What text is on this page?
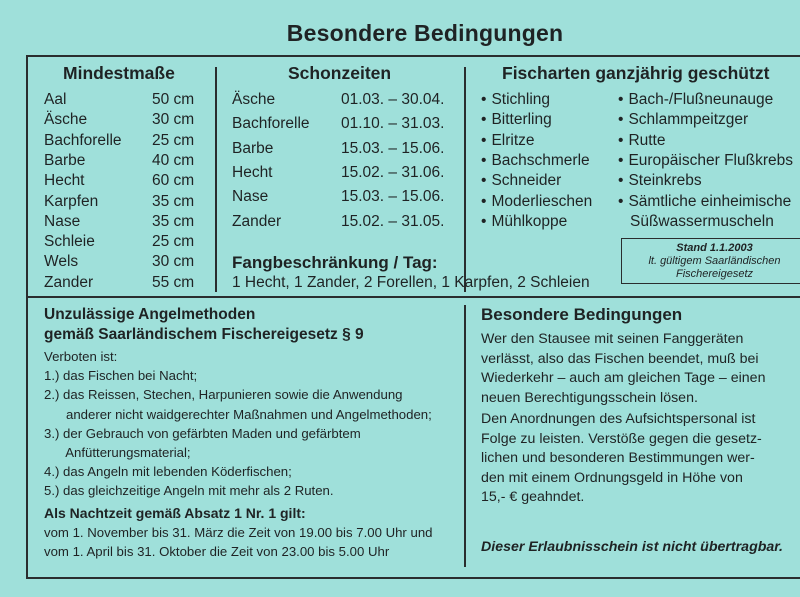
Besondere Bedingungen
Mindestmaße
Aal	50 cm
Äsche	30 cm
Bachforelle 25 cm
Barbe	40 cm
Hecht	60 cm
Karpfen	35 cm
Nase	35 cm
Schleie	25 cm
Wels	30 cm
Zander	55 cm
Schonzeiten
Äsche	01.03. – 30.04.
Bachforelle 01.10. – 31.03.
Barbe	15.03. – 15.06.
Hecht	15.02. – 31.06.
Nase	15.03. – 15.06.
Zander	15.02. – 31.05.
Fischarten ganzjährig geschützt
• Stichling
• Bitterling
• Elritze
• Bachschmerle
• Schneider
• Moderlieschen
• Mühlkoppe
• Bach-/Flußneunauge
• Schlammpeitzger
• Rutte
• Europäischer Flußkrebs
• Steinkrebs
• Sämtliche einheimische
Süßwassermuscheln
Stand 1.1.2003
lt. gültigem Saarländischen
Fischereigesetz
Fangbeschränkung / Tag:
1 Hecht, 1 Zander, 2 Forellen, 1 Karpfen, 2 Schleien
Unzulässige Angelmethoden
gemäß Saarländischem Fischereigesetz § 9
Verboten ist:
1.) das Fischen bei Nacht;
2.) das Reissen, Stechen, Harpunieren sowie die Anwendung
anderer nicht waidgerechter Maßnahmen und Angelmethoden;
3.) der Gebrauch von gefärbten Maden und gefärbtem
Anfütterungsmaterial;
4.) das Angeln mit lebenden Köderfischen;
5.) das gleichzeitige Angeln mit mehr als 2 Ruten.
Als Nachtzeit gemäß Absatz 1 Nr. 1 gilt:
vom 1. November bis 31. März die Zeit von 19.00 bis 7.00 Uhr und
vom 1. April bis 31. Oktober die Zeit von 23.00 bis 5.00 Uhr
Besondere Bedingungen
Wer den Stausee mit seinen Fanggeräten
verlässt, also das Fischen beendet, muß bei
Wiederkehr – auch am gleichen Tage – einen
neuen Berechtigungsschein lösen.
Den Anordnungen des Aufsichtspersonal ist
Folge zu leisten. Verstöße gegen die gesetz-
lichen und besonderen Bestimmungen wer-
den mit einem Ordnungsgeld in Höhe von
15,- € geahndet.
Dieser Erlaubnisschein ist nicht übertragbar.
